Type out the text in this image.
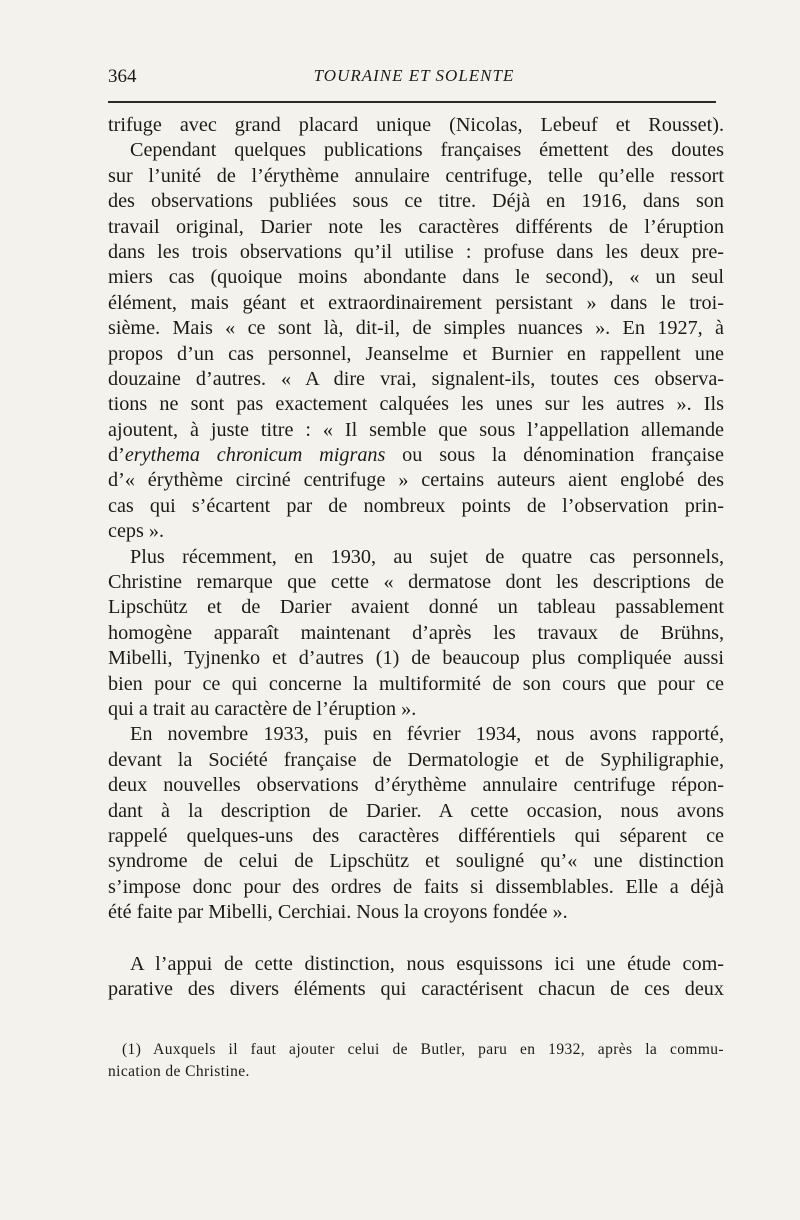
364	TOURAINE ET SOLENTE
trifuge avec grand placard unique (Nicolas, Lebeuf et Rousset).
Cependant quelques publications françaises émettent des doutes
sur l’unité de l’érythème annulaire centrifuge, telle qu’elle ressort
des observations publiées sous ce titre. Déjà en 1916, dans son
travail original, Darier note les caractères différents de l’éruption
dans les trois observations qu’il utilise : profuse dans les deux pre-
miers cas (quoique moins abondante dans le second), « un seul
élément, mais géant et extraordinairement persistant » dans le troi-
sième. Mais « ce sont là, dit-il, de simples nuances ». En 1927, à
propos d’un cas personnel, Jeanselme et Burnier en rappellent une
douzaine d’autres. « A dire vrai, signalent-ils, toutes ces observa-
tions ne sont pas exactement calquées les unes sur les autres ». Ils
ajoutent, à juste titre : « Il semble que sous l’appellation allemande
d’erythema chronicum migrans ou sous la dénomination française
d’« érythème circiné centrifuge » certains auteurs aient englobé des
cas qui s’écartent par de nombreux points de l’observation prin-
ceps ».
Plus récemment, en 1930, au sujet de quatre cas personnels,
Christine remarque que cette « dermatose dont les descriptions de
Lipschütz et de Darier avaient donné un tableau passablement
homogène apparaît maintenant d’après les travaux de Brühns,
Mibelli, Tyjnenko et d’autres (1) de beaucoup plus compliquée aussi
bien pour ce qui concerne la multiformité de son cours que pour ce
qui a trait au caractère de l’éruption ».
En novembre 1933, puis en février 1934, nous avons rapporté,
devant la Société française de Dermatologie et de Syphiligraphie,
deux nouvelles observations d’érythème annulaire centrifuge répon-
dant à la description de Darier. A cette occasion, nous avons
rappelé quelques-uns des caractères différentiels qui séparent ce
syndrome de celui de Lipschütz et souligné qu’« une distinction
s’impose donc pour des ordres de faits si dissemblables. Elle a déjà
été faite par Mibelli, Cerchiai. Nous la croyons fondée ».
A l’appui de cette distinction, nous esquissons ici une étude com-
parative des divers éléments qui caractérisent chacun de ces deux
(1) Auxquels il faut ajouter celui de Butler, paru en 1932, après la commu-
nication de Christine.
